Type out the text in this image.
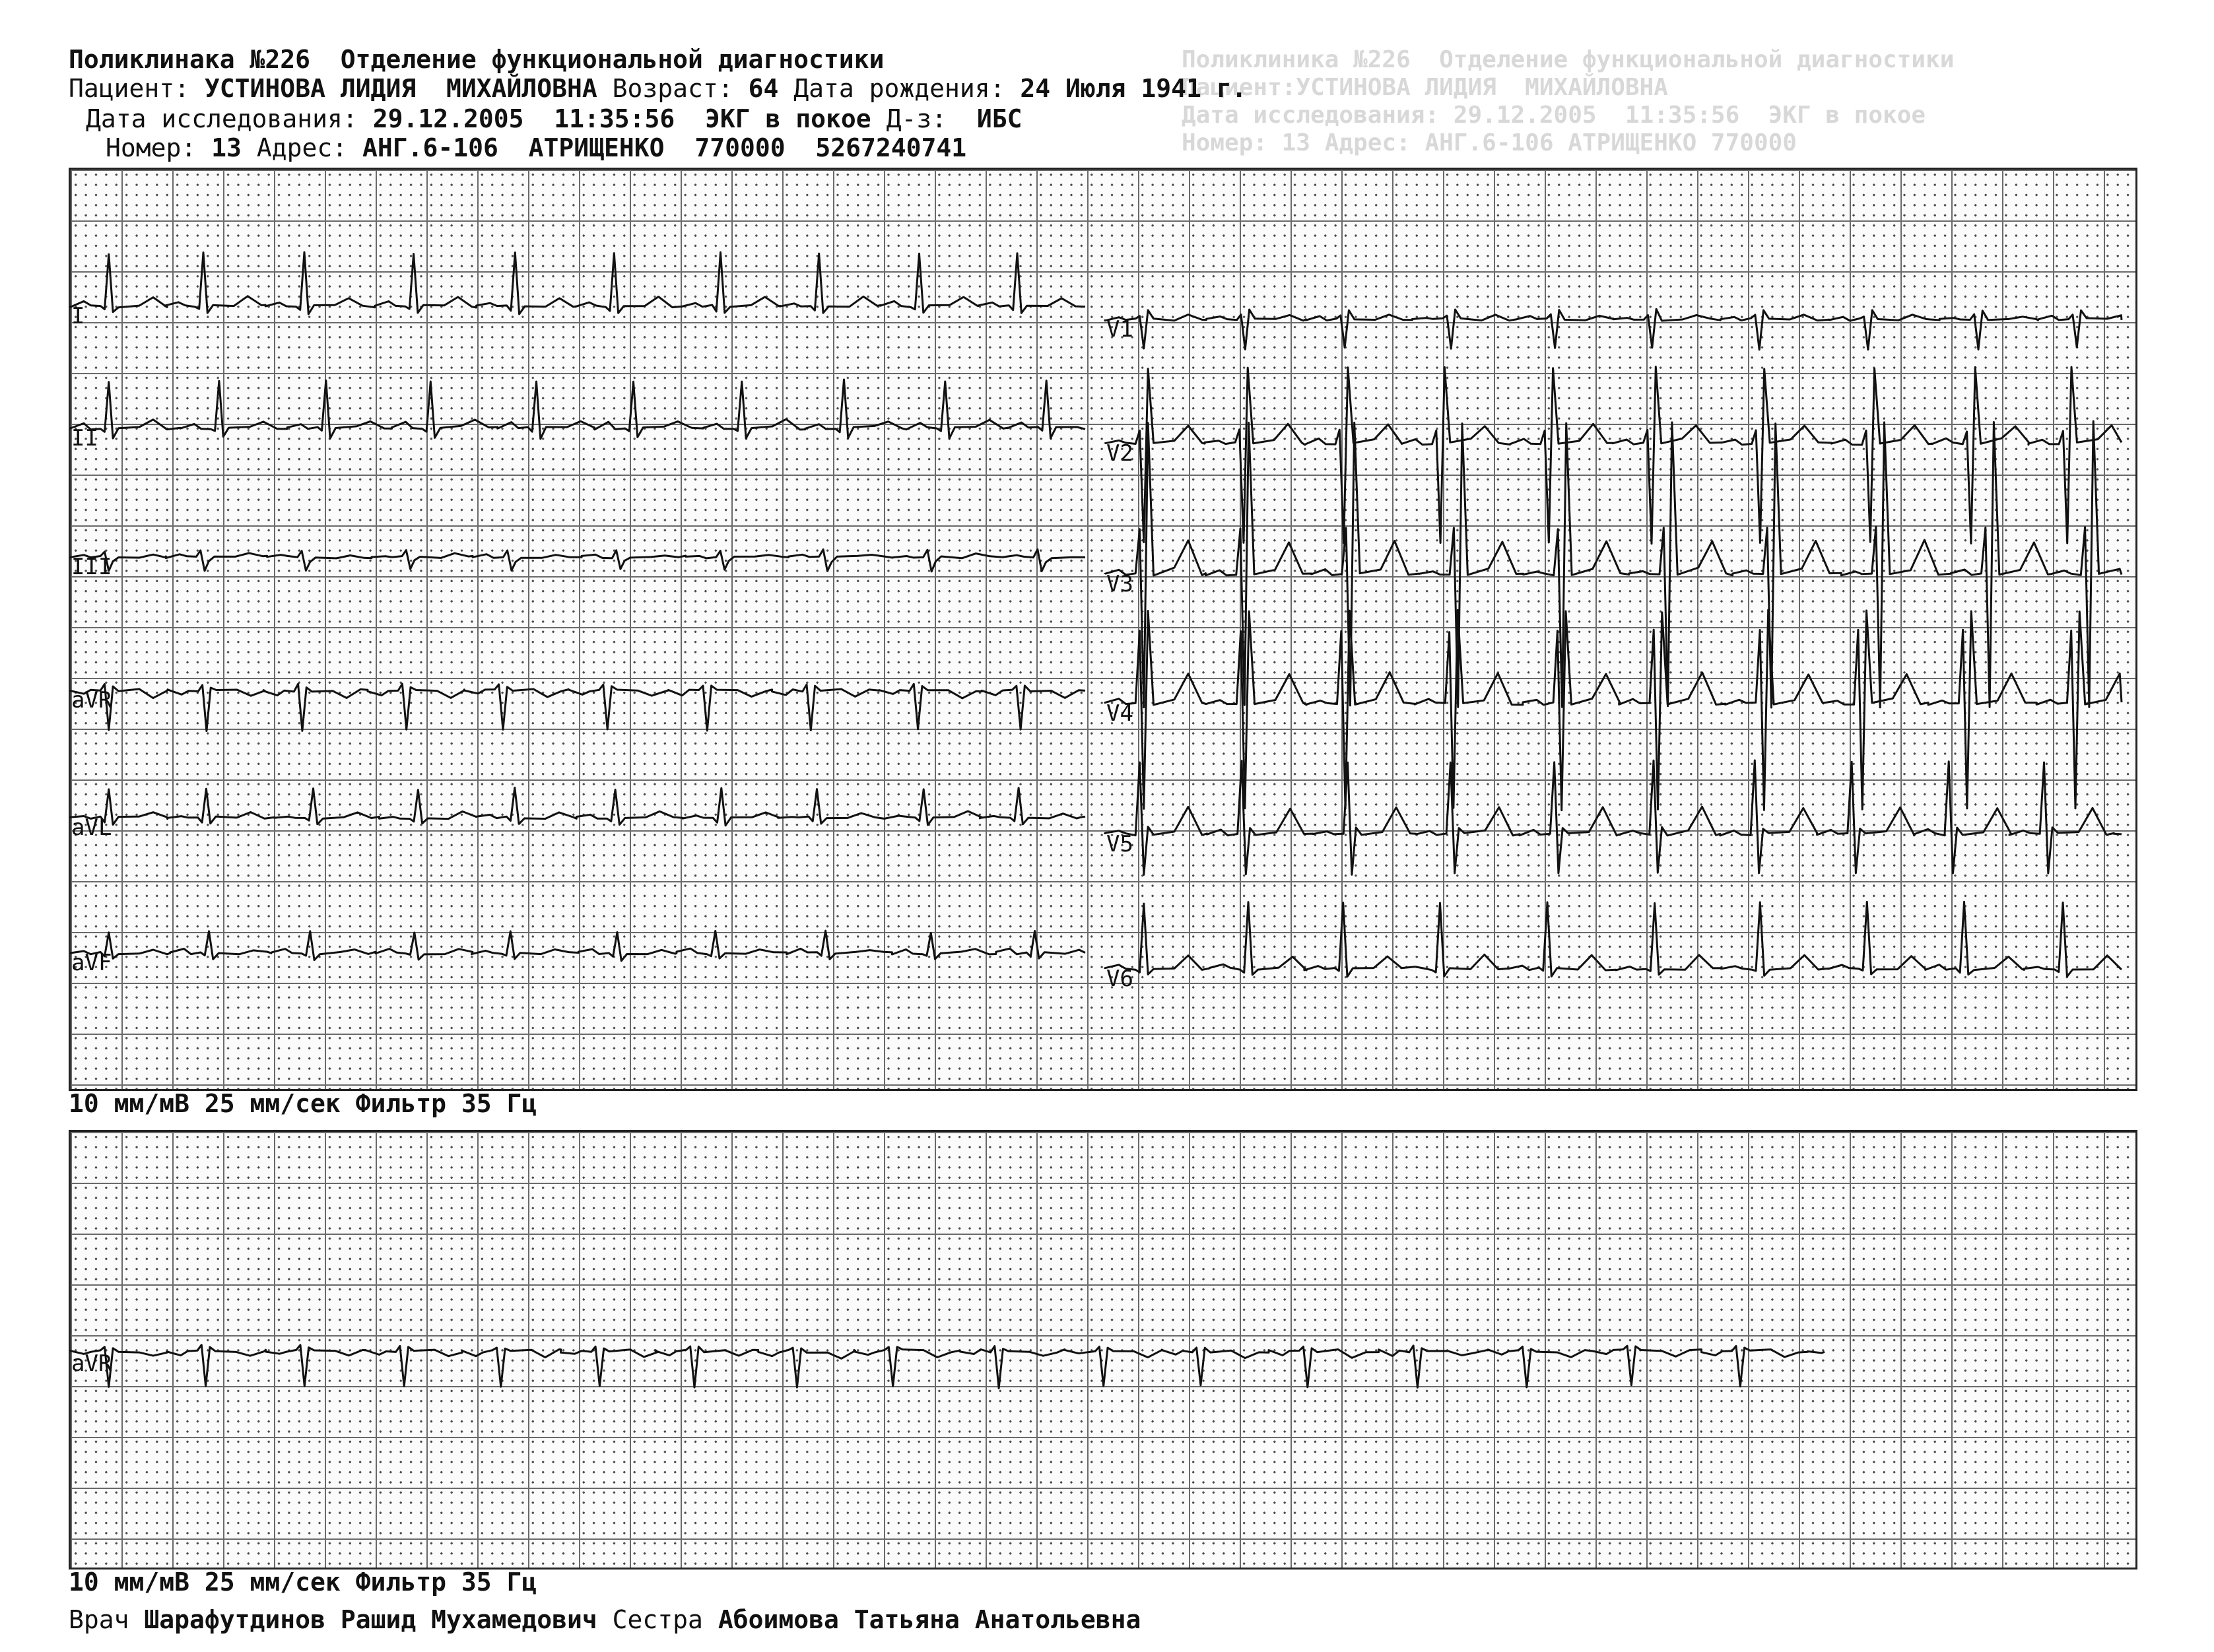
Поликлиника №226  Отделение функциональной диагностики
Пациент:УСТИНОВА ЛИДИЯ  МИХАЙЛОВНА
Дата исследования: 29.12.2005  11:35:56  ЭКГ в покое
Номер: 13 Адрес: АНГ.6-106 АТРИЩЕНКО 770000
Поликлинака №226  Отделение функциональной диагностики
Пациент: УСТИНОВА ЛИДИЯ  МИХАЙЛОВНА Возраст: 64 Дата рождения: 24 Июля 1941 г.
Дата исследования: 29.12.2005  11:35:56 ЭКГ в покое Д-з: ИБС
Номер: 13 Адрес: АНГ.6-106  АТРИЩЕНКО  770000  5267240741
I
II
III
aVR
aVL
aVF
V1
V2
V3
V4
V5
V6
10 мм/мВ 25 мм/сек Фильтр 35 Гц
aVR
10 мм/мВ 25 мм/сек Фильтр 35 Гц
Врач Шарафутдинов Рашид Мухамедович Сестра Абоимова Татьяна Анатольевна
